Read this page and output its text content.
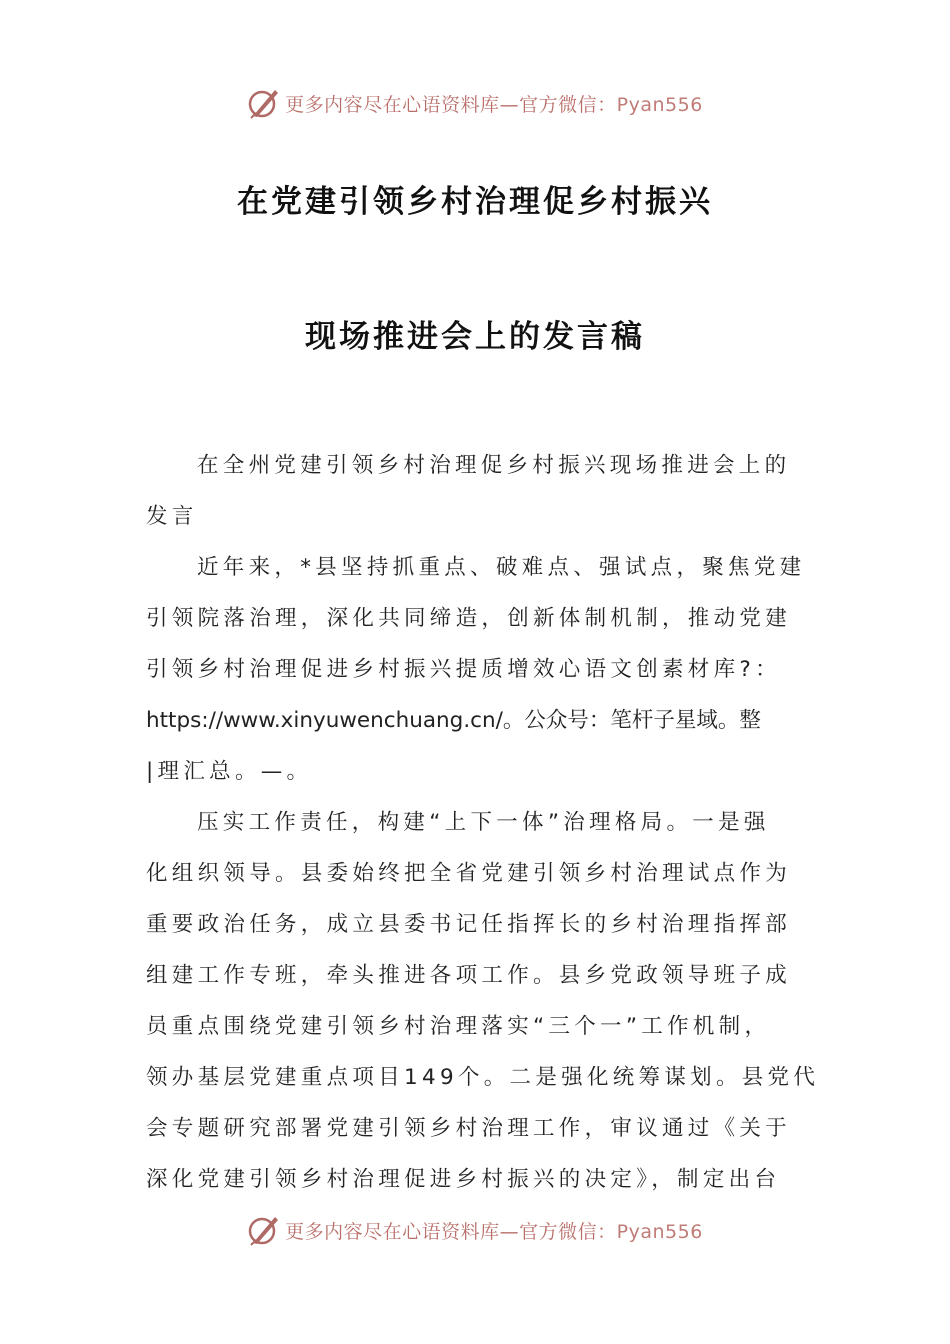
更多内容尽在心语资料库—官方微信：Pyan556
在党建引领乡村治理促乡村振兴
现场推进会上的发言稿
在全州党建引领乡村治理促乡村振兴现场推进会上的
发言
近年来，*县坚持抓重点、破难点、强试点，聚焦党建
引领院落治理，深化共同缔造，创新体制机制，推动党建
引领乡村治理促进乡村振兴提质增效心语文创素材库?：
https://www.xinyuwenchuang.cn/。公众号：笔杆子星域。整
|理汇总。—。
压实工作责任，构建“上下一体”治理格局。一是强
化组织领导。县委始终把全省党建引领乡村治理试点作为
重要政治任务，成立县委书记任指挥长的乡村治理指挥部
组建工作专班，牵头推进各项工作。县乡党政领导班子成
员重点围绕党建引领乡村治理落实“三个一”工作机制，
领办基层党建重点项目149个。二是强化统筹谋划。县党代
会专题研究部署党建引领乡村治理工作，审议通过《关于
深化党建引领乡村治理促进乡村振兴的决定》，制定出台
更多内容尽在心语资料库—官方微信：Pyan556
